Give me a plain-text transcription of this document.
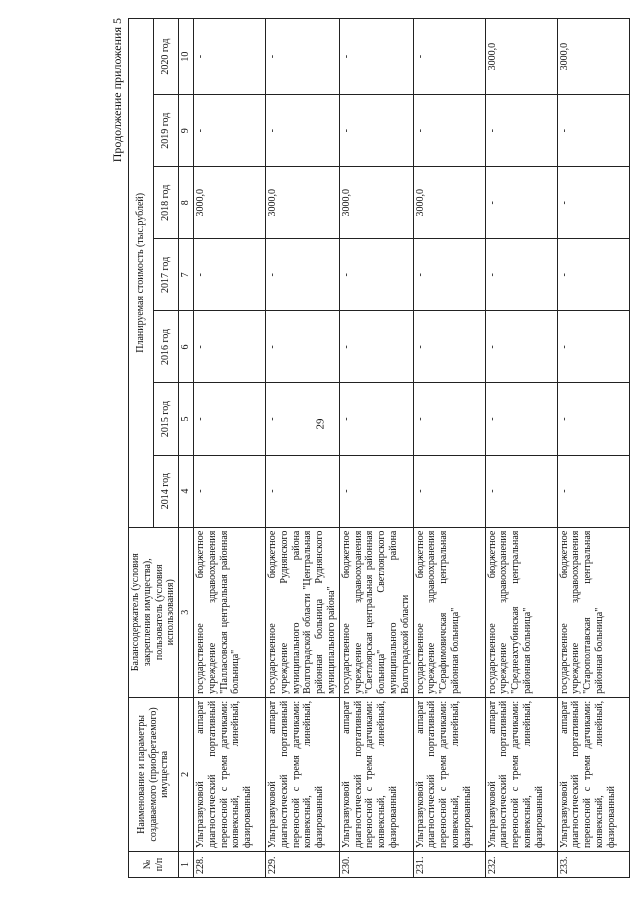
29
Продолжение приложения 5
№ п/п	Наименование и параметры создаваемого (приобретаемого) имущества	Балансодержатель (условия закрепления имущества), пользователь (условия использования)	Планируемая стоимость (тыс.рублей)						
			2014 год	2015 год	2016 год	2017 год	2018 год	2019 год	2020 год
1	2	3	4	5	6	7	8	9	10
228.	Ультразвуковой аппарат диагностический портативный переносной с тремя датчиками: конвексный, линейный, фазированный	государственное бюджетное учреждение здравоохранения "Палласовская центральная районная больница"	-	-	-	-	3000,0	-	-
229.	Ультразвуковой аппарат диагностический портативный переносной с тремя датчиками: конвексный, линейный, фазированный	государственное бюджетное учреждение Руднянского муниципального района Волгоградской области "Центральная районная больница Руднянского муниципального района"	-	-	-	-	3000,0	-	-
230.	Ультразвуковой аппарат диагностический портативный переносной с тремя датчиками: конвексный, линейный, фазированный	государственное бюджетное учреждение здравоохранения "Светлоярская центральная районная больница" Светлоярского муниципального района Волгоградской области	-	-	-	-	3000,0	-	-
231.	Ультразвуковой аппарат диагностический портативный переносной с тремя датчиками: конвексный, линейный, фазированный	государственное бюджетное учреждение здравоохранения "Серафимовичская центральная районная больница"	-	-	-	-	3000,0	-	-
232.	Ультразвуковой аппарат диагностический портативный переносной с тремя датчиками: конвексный, линейный, фазированный	государственное бюджетное учреждение здравоохранения "Среднеахтубинская центральная районная больница"	-	-	-	-	-	-	3000,0
233.	Ультразвуковой аппарат диагностический портативный переносной с тремя датчиками: конвексный, линейный, фазированный	государственное бюджетное учреждение здравоохранения "Старополтавская центральная районная больница"	-	-	-	-	-	-	3000,0
